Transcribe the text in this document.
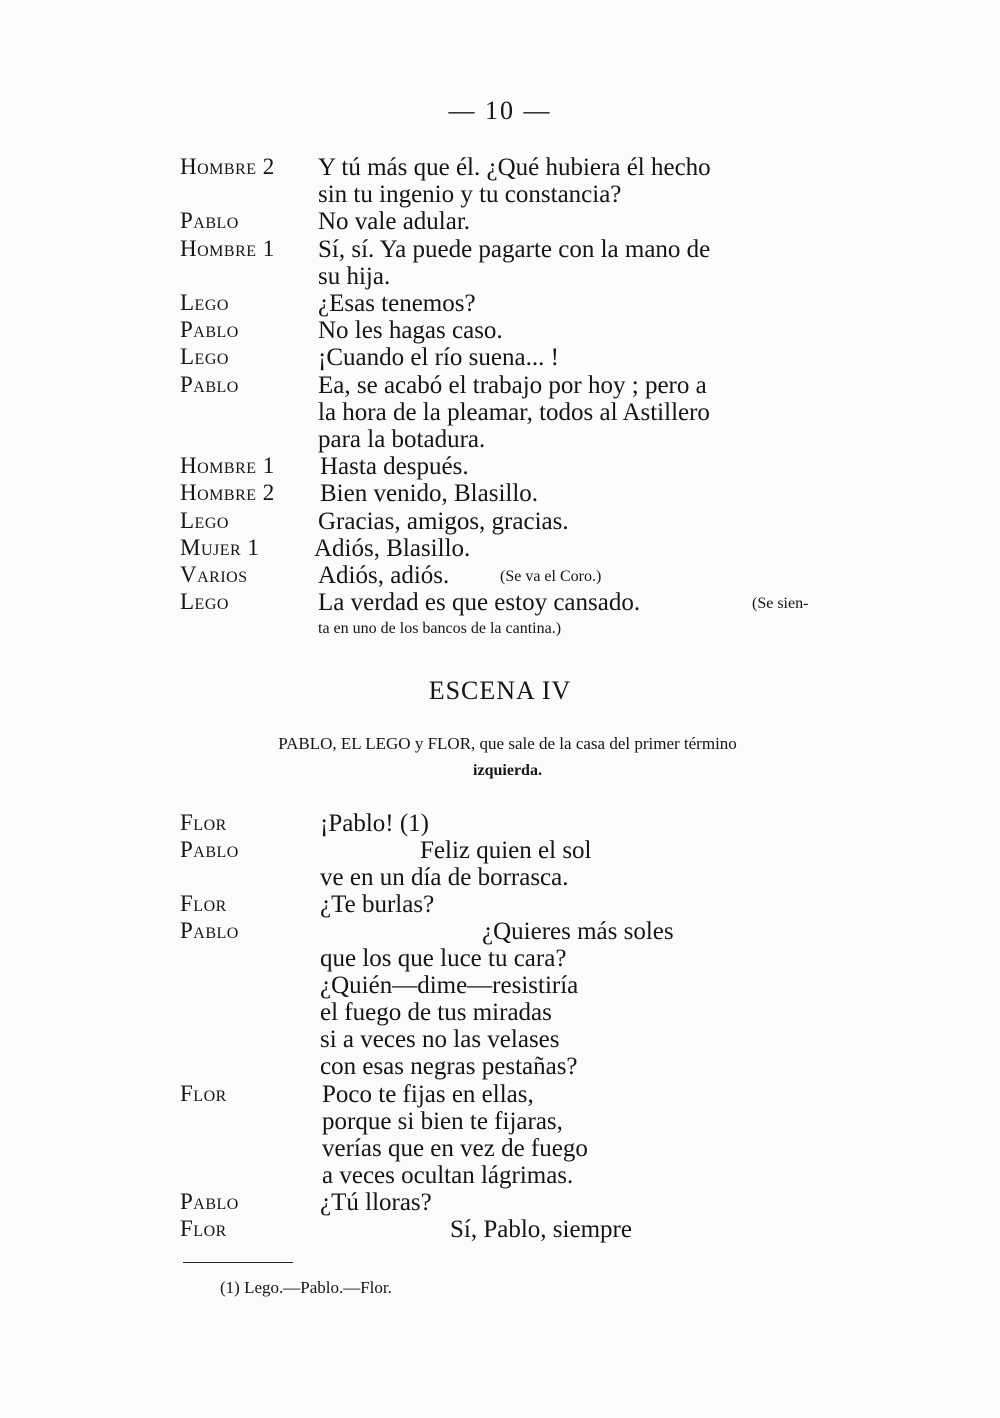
— 10 —
Hombre 2 Y tú más que él. ¿Qué hubiera él hecho
sin tu ingenio y tu constancia?
Pablo	No vale adular.
Hombre 1 Sí, sí. Ya puede pagarte con la mano de
su hija.
Lego	¿Esas tenemos?
Pablo	No les hagas caso.
Lego	¡Cuando el río suena... !
Pablo	Ea, se acabó el trabajo por hoy ; pero a
la hora de la pleamar, todos al Astillero
para la botadura.
Hombre 1 Hasta después.
Hombre 2 Bien venido, Blasillo.
Lego	Gracias, amigos, gracias.
Mujer 1 Adiós, Blasillo.
Varios	Adiós, adiós.	(Se va el Coro.)
Lego	La verdad es que estoy cansado.	(Se sien-
ta en uno de los bancos de la cantina.)
ESCENA IV
PABLO, EL LEGO y FLOR, que sale de la casa del primer término
izquierda.
Flor	¡Pablo! (1)
Pablo	Feliz quien el sol
ve en un día de borrasca.
Flor	¿Te burlas?
Pablo	¿Quieres más soles
que los que luce tu cara?
¿Quién—dime—resistiría
el fuego de tus miradas
si a veces no las velases
con esas negras pestañas?
Flor	Poco te fijas en ellas,
porque si bien te fijaras,
verías que en vez de fuego
a veces ocultan lágrimas.
Pablo	¿Tú lloras?
Flor	Sí, Pablo, siempre
(1) Lego.—Pablo.—Flor.
